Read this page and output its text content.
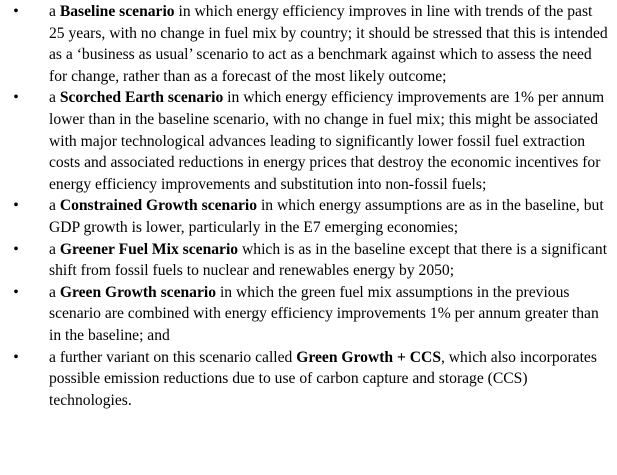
•	a Baseline scenario in which energy efficiency improves in line with trends of the past 25 years, with no change in fuel mix by country; it should be stressed that this is intended as a ‘business as usual’ scenario to act as a benchmark against which to assess the need for change, rather than as a forecast of the most likely outcome;
•	a Scorched Earth scenario in which energy efficiency improvements are 1% per annum lower than in the baseline scenario, with no change in fuel mix; this might be associated with major technological advances leading to significantly lower fossil fuel extraction costs and associated reductions in energy prices that destroy the economic incentives for energy efficiency improvements and substitution into non-fossil fuels;
•	a Constrained Growth scenario in which energy assumptions are as in the baseline, but GDP growth is lower, particularly in the E7 emerging economies;
•	a Greener Fuel Mix scenario which is as in the baseline except that there is a significant shift from fossil fuels to nuclear and renewables energy by 2050;
•	a Green Growth scenario in which the green fuel mix assumptions in the previous scenario are combined with energy efficiency improvements 1% per annum greater than in the baseline; and
•	a further variant on this scenario called Green Growth + CCS, which also incorporates possible emission reductions due to use of carbon capture and storage (CCS) technologies.
